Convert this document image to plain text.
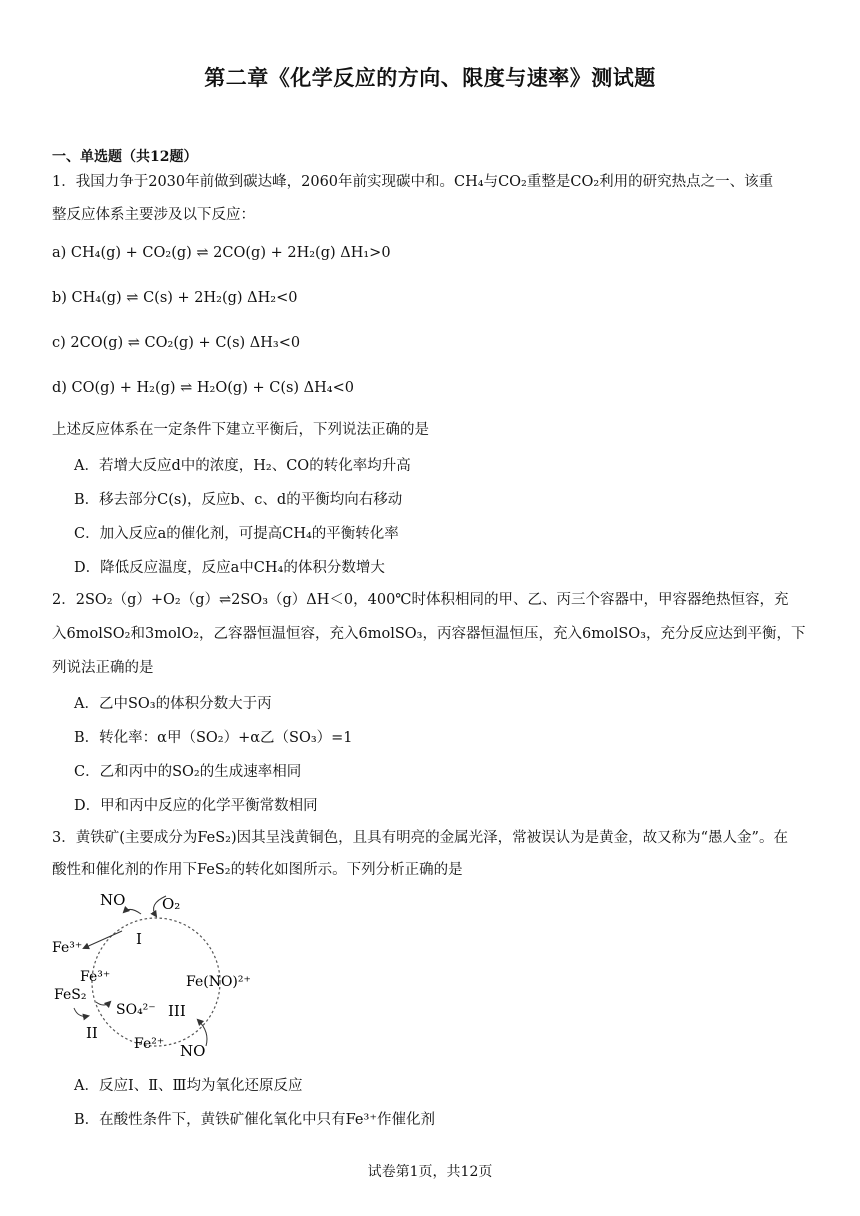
第二章《化学反应的方向、限度与速率》测试题
一、单选题（共12题）
1．我国力争于2030年前做到碳达峰，2060年前实现碳中和。CH₄与CO₂重整是CO₂利用的研究热点之一、该重
整反应体系主要涉及以下反应：
a) CH₄(g) + CO₂(g) ⇌ 2CO(g) + 2H₂(g) ΔH₁>0
b) CH₄(g) ⇌ C(s) + 2H₂(g) ΔH₂<0
c) 2CO(g) ⇌ CO₂(g) + C(s) ΔH₃<0
d) CO(g) + H₂(g) ⇌ H₂O(g) + C(s) ΔH₄<0
上述反应体系在一定条件下建立平衡后，下列说法正确的是
A．若增大反应d中的浓度，H₂、CO的转化率均升高
B．移去部分C(s)，反应b、c、d的平衡均向右移动
C．加入反应a的催化剂，可提高CH₄的平衡转化率
D．降低反应温度，反应a中CH₄的体积分数增大
2．2SO₂（g）+O₂（g）⇌2SO₃（g）ΔH＜0，400℃时体积相同的甲、乙、丙三个容器中，甲容器绝热恒容，充
入6molSO₂和3molO₂，乙容器恒温恒容，充入6molSO₃，丙容器恒温恒压，充入6molSO₃，充分反应达到平衡，下
列说法正确的是
A．乙中SO₃的体积分数大于丙
B．转化率：α甲（SO₂）+α乙（SO₃）=1
C．乙和丙中的SO₂的生成速率相同
D．甲和丙中反应的化学平衡常数相同
3．黄铁矿(主要成分为FeS₂)因其呈浅黄铜色，且具有明亮的金属光泽，常被误认为是黄金，故又称为“愚人金”。在
酸性和催化剂的作用下FeS₂的转化如图所示。下列分析正确的是
NO O₂
Fe³⁺	I
Fe³⁺
FeS₂
SO₄²⁻
II
Fe²⁺
III
Fe(NO)²⁺
NO
A．反应Ⅰ、Ⅱ、Ⅲ均为氧化还原反应
B．在酸性条件下，黄铁矿催化氧化中只有Fe³⁺作催化剂
试卷第1页，共12页
